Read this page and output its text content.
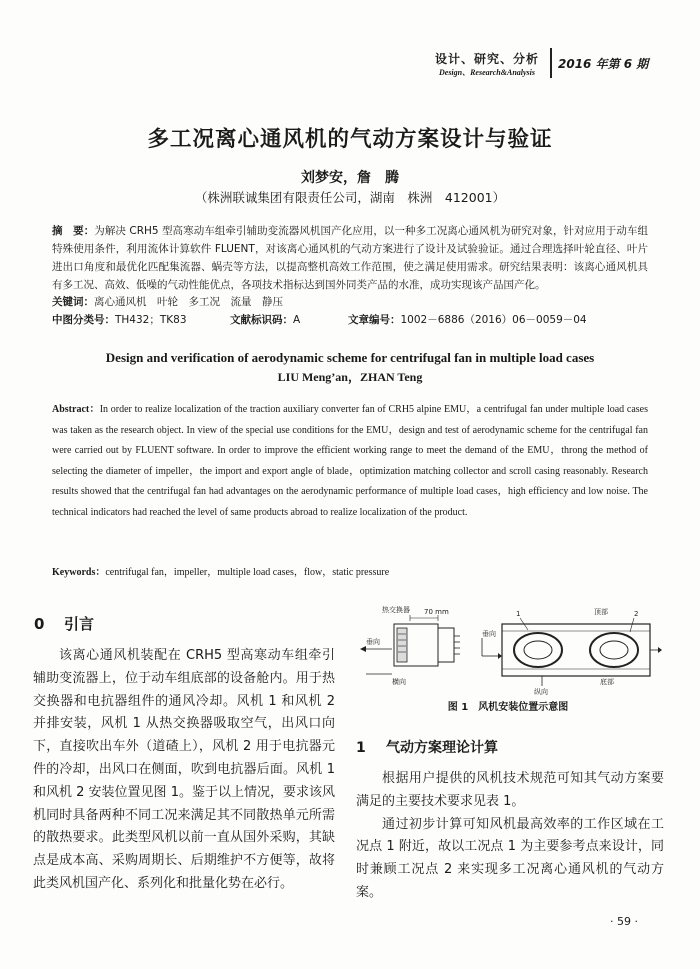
设计、研究、分析
Design、Research&Analysis
2016 年第 6 期
多工况离心通风机的气动方案设计与验证
刘梦安，詹　腾
（株洲联诚集团有限责任公司，湖南　株洲　412001）
摘　要：为解决 CRH5 型高寒动车组牵引辅助变流器风机国产化应用，以一种多工况离心通风机为研究对象，针对应用于动车组特殊使用条件，利用流体计算软件 FLUENT，对该离心通风机的气动方案进行了设计及试验验证。通过合理选择叶轮直径、叶片进出口角度和最优化匹配集流器、蜗壳等方法，以提高整机高效工作范围，使之满足使用需求。研究结果表明：该离心通风机具有多工况、高效、低噪的气动性能优点，各项技术指标达到国外同类产品的水准，成功实现该产品国产化。
关键词：离心通风机　叶轮　多工况　流量　静压
中图分类号：TH432；TK83	文献标识码：A	文章编号：1002－6886（2016）06－0059－04
Design and verification of aerodynamic scheme for centrifugal fan in multiple load cases
LIU Meng’an，ZHAN Teng
Abstract：In order to realize localization of the traction auxiliary converter fan of CRH5 alpine EMU，a centrifugal fan under multiple load cases was taken as the research object. In view of the special use conditions for the EMU，design and test of aerodynamic scheme for the centrifugal fan were carried out by FLUENT software. In order to improve the efficient working range to meet the demand of the EMU，throng the method of selecting the diameter of impeller，the import and export angle of blade，optimization matching collector and scroll casing reasonably. Research results showed that the centrifugal fan had advantages on the aerodynamic performance of multiple load cases，high efficiency and low noise. The technical indicators had reached the level of same products abroad to realize localization of the product.
Keywords：centrifugal fan，impeller，multiple load cases，flow，static pressure
0 引言

该离心通风机装配在 CRH5 型高寒动车组牵引辅助变流器上，位于动车组底部的设备舱内。用于热交换器和电抗器组件的通风冷却。风机 1 和风机 2 并排安装，风机 1 从热交换器吸取空气，出风口向下，直接吹出车外（道碴上），风机 2 用于电抗器元件的冷却，出风口在侧面，吹到电抗器后面。风机 1 和风机 2 安装位置见图 1。鉴于以上情况，要求该风机同时具备两种不同工况来满足其不同散热单元所需的散热要求。此类型风机以前一直从国外采购，其缺点是成本高、采购周期长、后期维护不方便等，故将此类风机国产化、系列化和批量化势在必行。

热交换器 70 mm
垂向
横向
垂向
纵向
顶部
底部
1	2
图 1　风机安装位置示意图
1 气动方案理论计算

根据用户提供的风机技术规范可知其气动方案要满足的主要技术要求见表 1。

通过初步计算可知风机最高效率的工作区域在工况点 1 附近，故以工况点 1 为主要参考点来设计，同时兼顾工况点 2 来实现多工况离心通风机的气动方案。

· 59 ·
